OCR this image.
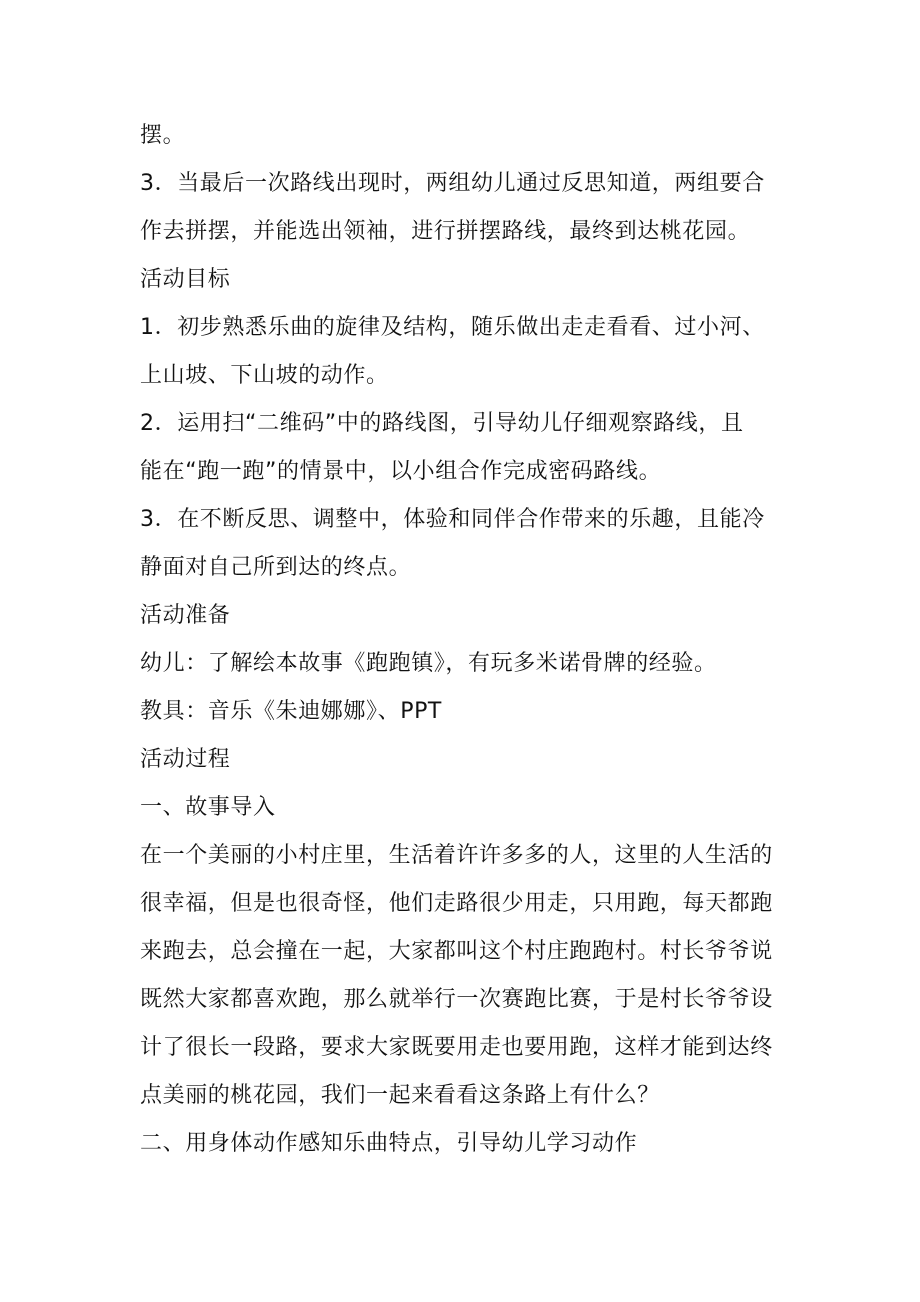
摆。
3．当最后一次路线出现时，两组幼儿通过反思知道，两组要合
作去拼摆，并能选出领袖，进行拼摆路线，最终到达桃花园。
活动目标
1．初步熟悉乐曲的旋律及结构，随乐做出走走看看、过小河、
上山坡、下山坡的动作。
2．运用扫“二维码”中的路线图，引导幼儿仔细观察路线，且
能在“跑一跑”的情景中，以小组合作完成密码路线。
3．在不断反思、调整中，体验和同伴合作带来的乐趣，且能冷
静面对自己所到达的终点。
活动准备
幼儿：了解绘本故事《跑跑镇》，有玩多米诺骨牌的经验。
教具：音乐《朱迪娜娜》、PPT
活动过程
一、故事导入
在一个美丽的小村庄里，生活着许许多多的人，这里的人生活的
很幸福，但是也很奇怪，他们走路很少用走，只用跑，每天都跑
来跑去，总会撞在一起，大家都叫这个村庄跑跑村。村长爷爷说
既然大家都喜欢跑，那么就举行一次赛跑比赛，于是村长爷爷设
计了很长一段路，要求大家既要用走也要用跑，这样才能到达终
点美丽的桃花园，我们一起来看看这条路上有什么？
二、用身体动作感知乐曲特点，引导幼儿学习动作
